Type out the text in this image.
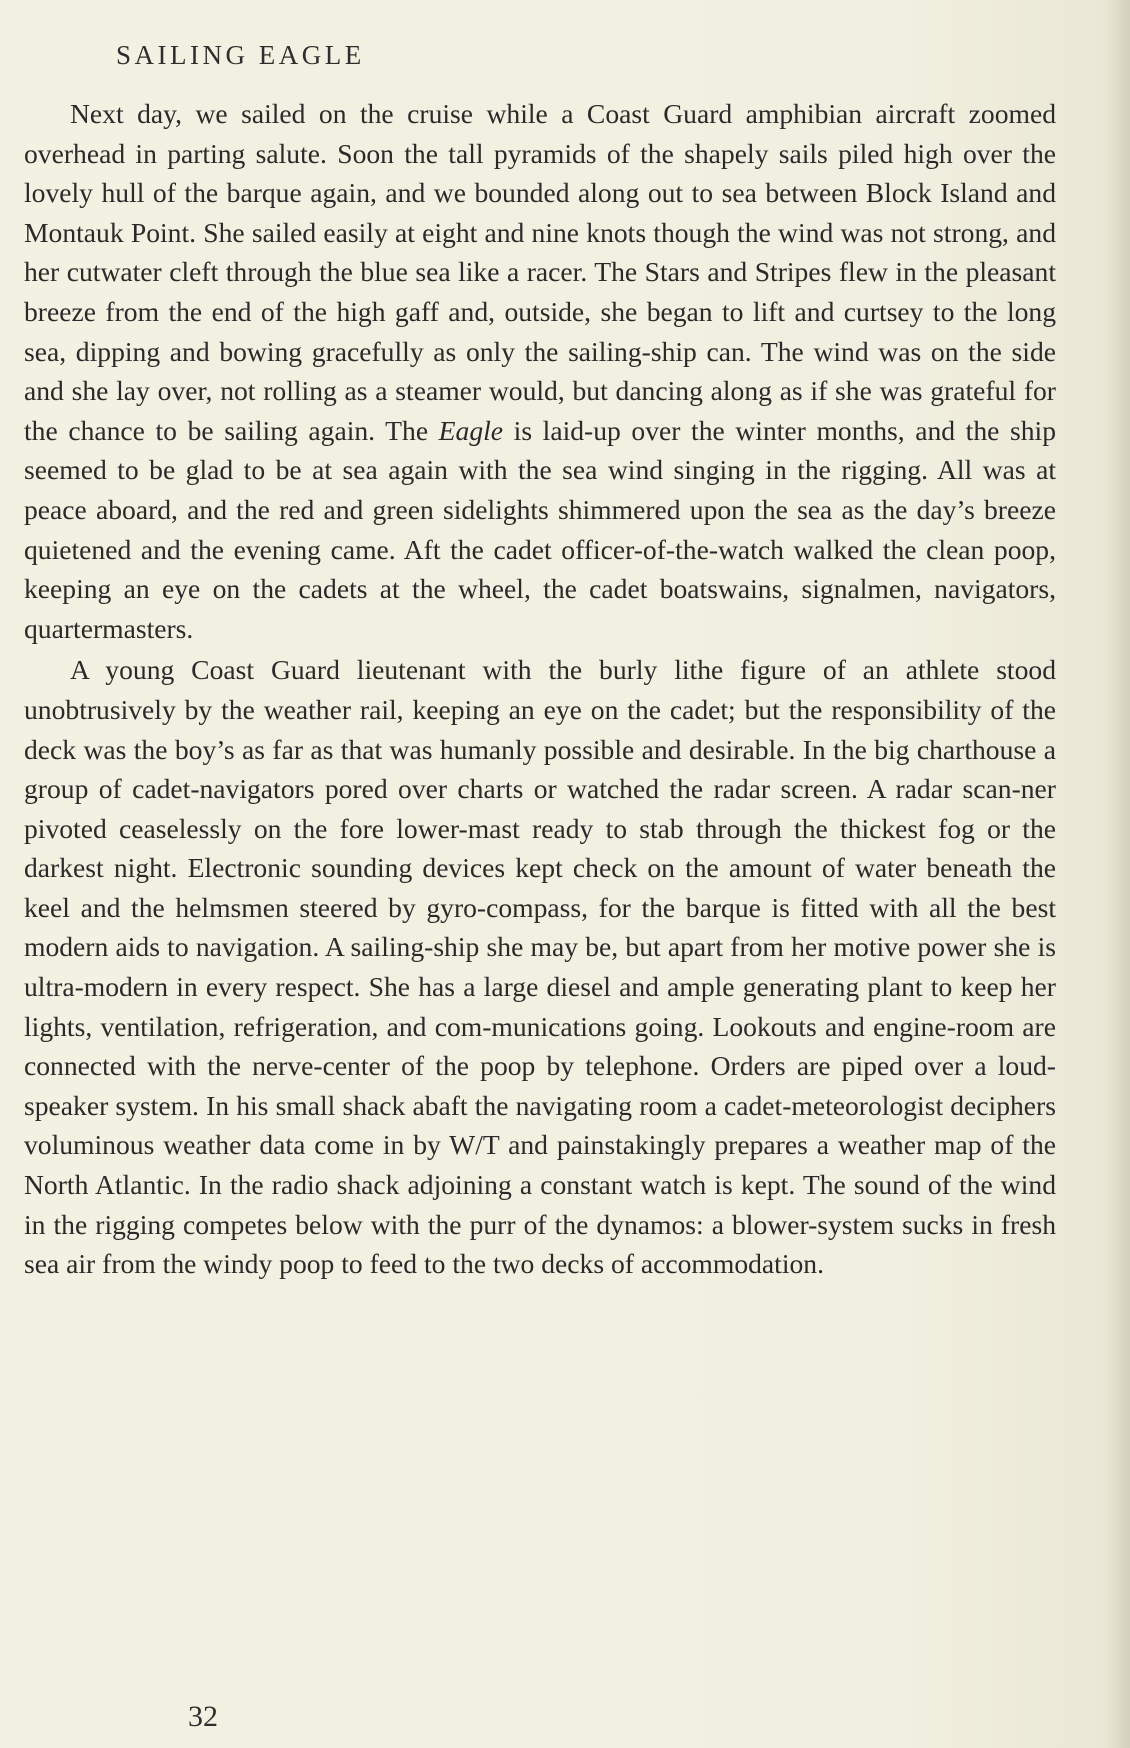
SAILING EAGLE

Next day, we sailed on the cruise while a Coast Guard amphibian aircraft zoomed overhead in parting salute. Soon the tall pyramids of the shapely sails piled high over the lovely hull of the barque again, and we bounded along out to sea between Block Island and Montauk Point. She sailed easily at eight and nine knots though the wind was not strong, and her cutwater cleft through the blue sea like a racer. The Stars and Stripes flew in the pleasant breeze from the end of the high gaff and, outside, she began to lift and curtsey to the long sea, dipping and bowing gracefully as only the sailing-ship can. The wind was on the side and she lay over, not rolling as a steamer would, but dancing along as if she was grateful for the chance to be sailing again. The Eagle is laid-up over the winter months, and the ship seemed to be glad to be at sea again with the sea wind singing in the rigging. All was at peace aboard, and the red and green sidelights shimmered upon the sea as the day’s breeze quietened and the evening came. Aft the cadet officer-of-the-watch walked the clean poop, keeping an eye on the cadets at the wheel, the cadet boatswains, signalmen, navigators, quartermasters.

A young Coast Guard lieutenant with the burly lithe figure of an athlete stood unobtrusively by the weather rail, keeping an eye on the cadet; but the responsibility of the deck was the boy’s as far as that was humanly possible and desirable. In the big charthouse a group of cadet-navigators pored over charts or watched the radar screen. A radar scan-ner pivoted ceaselessly on the fore lower-mast ready to stab through the thickest fog or the darkest night. Electronic sounding devices kept check on the amount of water beneath the keel and the helmsmen steered by gyro-compass, for the barque is fitted with all the best modern aids to navigation. A sailing-ship she may be, but apart from her motive power she is ultra-modern in every respect. She has a large diesel and ample generating plant to keep her lights, ventilation, refrigeration, and com-munications going. Lookouts and engine-room are connected with the nerve-center of the poop by telephone. Orders are piped over a loud-speaker system. In his small shack abaft the navigating room a cadet-meteorologist deciphers voluminous weather data come in by W/T and painstakingly prepares a weather map of the North Atlantic. In the radio shack adjoining a constant watch is kept. The sound of the wind in the rigging competes below with the purr of the dynamos: a blower-system sucks in fresh sea air from the windy poop to feed to the two decks of accommodation.

32
